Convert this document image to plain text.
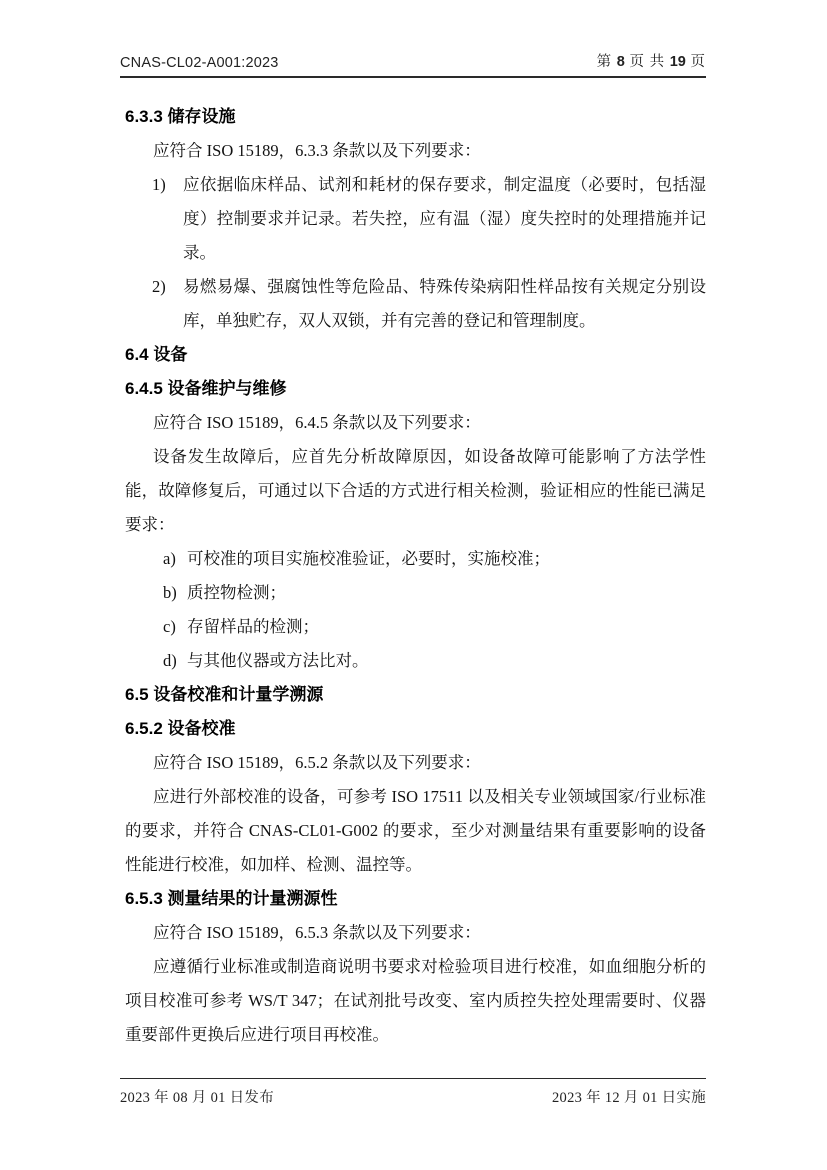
CNAS-CL02-A001:2023	第 8 页 共 19 页
6.3.3 储存设施

应符合 ISO 15189，6.3.3 条款以及下列要求：

1) 应依据临床样品、试剂和耗材的保存要求，制定温度（必要时，包括湿度）控制要求并记录。若失控，应有温（湿）度失控时的处理措施并记录。
2) 易燃易爆、强腐蚀性等危险品、特殊传染病阳性样品按有关规定分别设库，单独贮存，双人双锁，并有完善的登记和管理制度。
6.4 设备
6.4.5 设备维护与维修

应符合 ISO 15189，6.4.5 条款以及下列要求：

设备发生故障后，应首先分析故障原因，如设备故障可能影响了方法学性能，故障修复后，可通过以下合适的方式进行相关检测，验证相应的性能已满足要求：

a) 可校准的项目实施校准验证，必要时，实施校准；
b) 质控物检测；
c) 存留样品的检测；
d) 与其他仪器或方法比对。
6.5 设备校准和计量学溯源
6.5.2 设备校准

应符合 ISO 15189，6.5.2 条款以及下列要求：

应进行外部校准的设备，可参考 ISO 17511 以及相关专业领域国家/行业标准的要求，并符合 CNAS-CL01-G002 的要求，至少对测量结果有重要影响的设备性能进行校准，如加样、检测、温控等。

6.5.3 测量结果的计量溯源性

应符合 ISO 15189，6.5.3 条款以及下列要求：

应遵循行业标准或制造商说明书要求对检验项目进行校准，如血细胞分析的项目校准可参考 WS/T 347；在试剂批号改变、室内质控失控处理需要时、仪器重要部件更换后应进行项目再校准。

2023 年 08 月 01 日发布	2023 年 12 月 01 日实施
